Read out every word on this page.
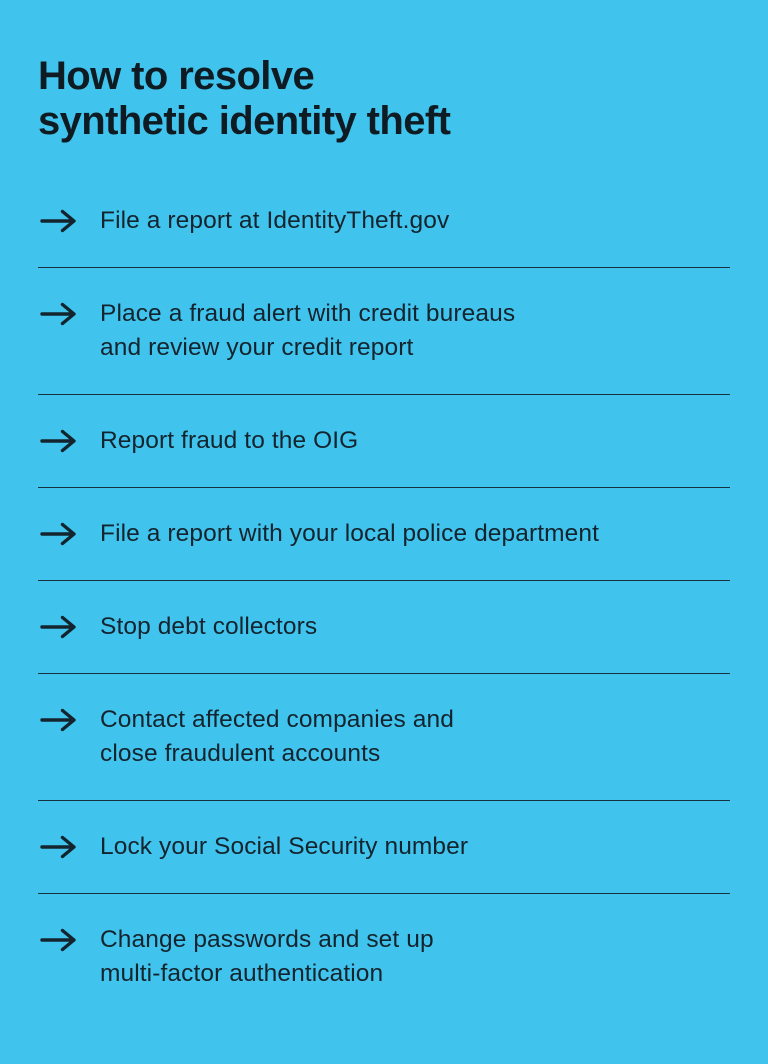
How to resolve
synthetic identity theft
File a report at IdentityTheft.gov
Place a fraud alert with credit bureaus
and review your credit report
Report fraud to the OIG
File a report with your local police department
Stop debt collectors
Contact affected companies and
close fraudulent accounts
Lock your Social Security number
Change passwords and set up
multi-factor authentication
